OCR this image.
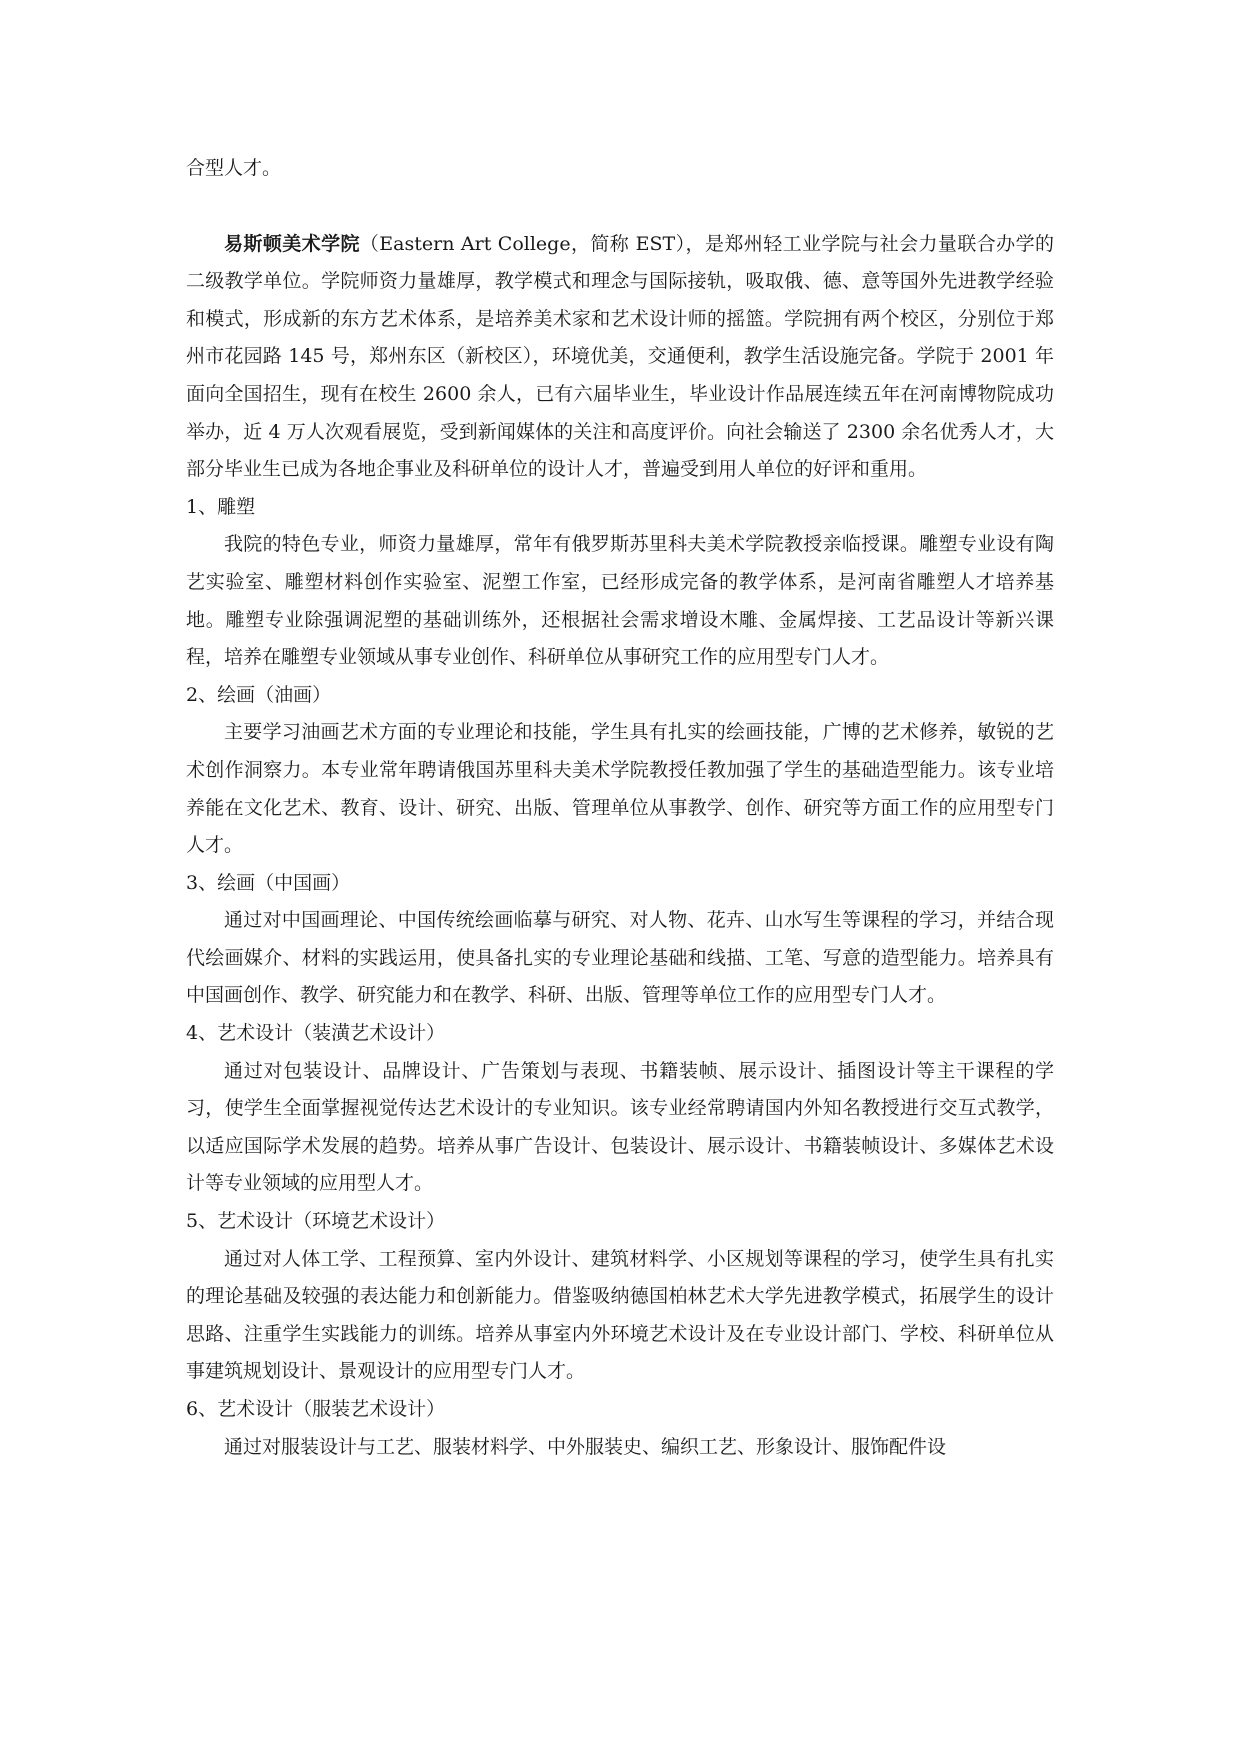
合型人才。

易斯顿美术学院（Eastern Art College，简称 EST），是郑州轻工业学院与社会力量联合办学的二级教学单位。学院师资力量雄厚，教学模式和理念与国际接轨，吸取俄、德、意等国外先进教学经验和模式，形成新的东方艺术体系，是培养美术家和艺术设计师的摇篮。学院拥有两个校区，分别位于郑州市花园路 145 号，郑州东区（新校区），环境优美，交通便利，教学生活设施完备。学院于 2001 年面向全国招生，现有在校生 2600 余人，已有六届毕业生，毕业设计作品展连续五年在河南博物院成功举办，近 4 万人次观看展览，受到新闻媒体的关注和高度评价。向社会输送了 2300 余名优秀人才，大部分毕业生已成为各地企事业及科研单位的设计人才，普遍受到用人单位的好评和重用。

1、雕塑

我院的特色专业，师资力量雄厚，常年有俄罗斯苏里科夫美术学院教授亲临授课。雕塑专业设有陶艺实验室、雕塑材料创作实验室、泥塑工作室，已经形成完备的教学体系，是河南省雕塑人才培养基地。雕塑专业除强调泥塑的基础训练外，还根据社会需求增设木雕、金属焊接、工艺品设计等新兴课程，培养在雕塑专业领域从事专业创作、科研单位从事研究工作的应用型专门人才。

2、绘画（油画）

主要学习油画艺术方面的专业理论和技能，学生具有扎实的绘画技能，广博的艺术修养，敏锐的艺术创作洞察力。本专业常年聘请俄国苏里科夫美术学院教授任教加强了学生的基础造型能力。该专业培养能在文化艺术、教育、设计、研究、出版、管理单位从事教学、创作、研究等方面工作的应用型专门人才。

3、绘画（中国画）

通过对中国画理论、中国传统绘画临摹与研究、对人物、花卉、山水写生等课程的学习，并结合现代绘画媒介、材料的实践运用，使具备扎实的专业理论基础和线描、工笔、写意的造型能力。培养具有中国画创作、教学、研究能力和在教学、科研、出版、管理等单位工作的应用型专门人才。

4、艺术设计（装潢艺术设计）

通过对包装设计、品牌设计、广告策划与表现、书籍装帧、展示设计、插图设计等主干课程的学习，使学生全面掌握视觉传达艺术设计的专业知识。该专业经常聘请国内外知名教授进行交互式教学，以适应国际学术发展的趋势。培养从事广告设计、包装设计、展示设计、书籍装帧设计、多媒体艺术设计等专业领域的应用型人才。

5、艺术设计（环境艺术设计）

通过对人体工学、工程预算、室内外设计、建筑材料学、小区规划等课程的学习，使学生具有扎实的理论基础及较强的表达能力和创新能力。借鉴吸纳德国柏林艺术大学先进教学模式，拓展学生的设计思路、注重学生实践能力的训练。培养从事室内外环境艺术设计及在专业设计部门、学校、科研单位从事建筑规划设计、景观设计的应用型专门人才。

6、艺术设计（服装艺术设计）

通过对服装设计与工艺、服装材料学、中外服装史、编织工艺、形象设计、服饰配件设
